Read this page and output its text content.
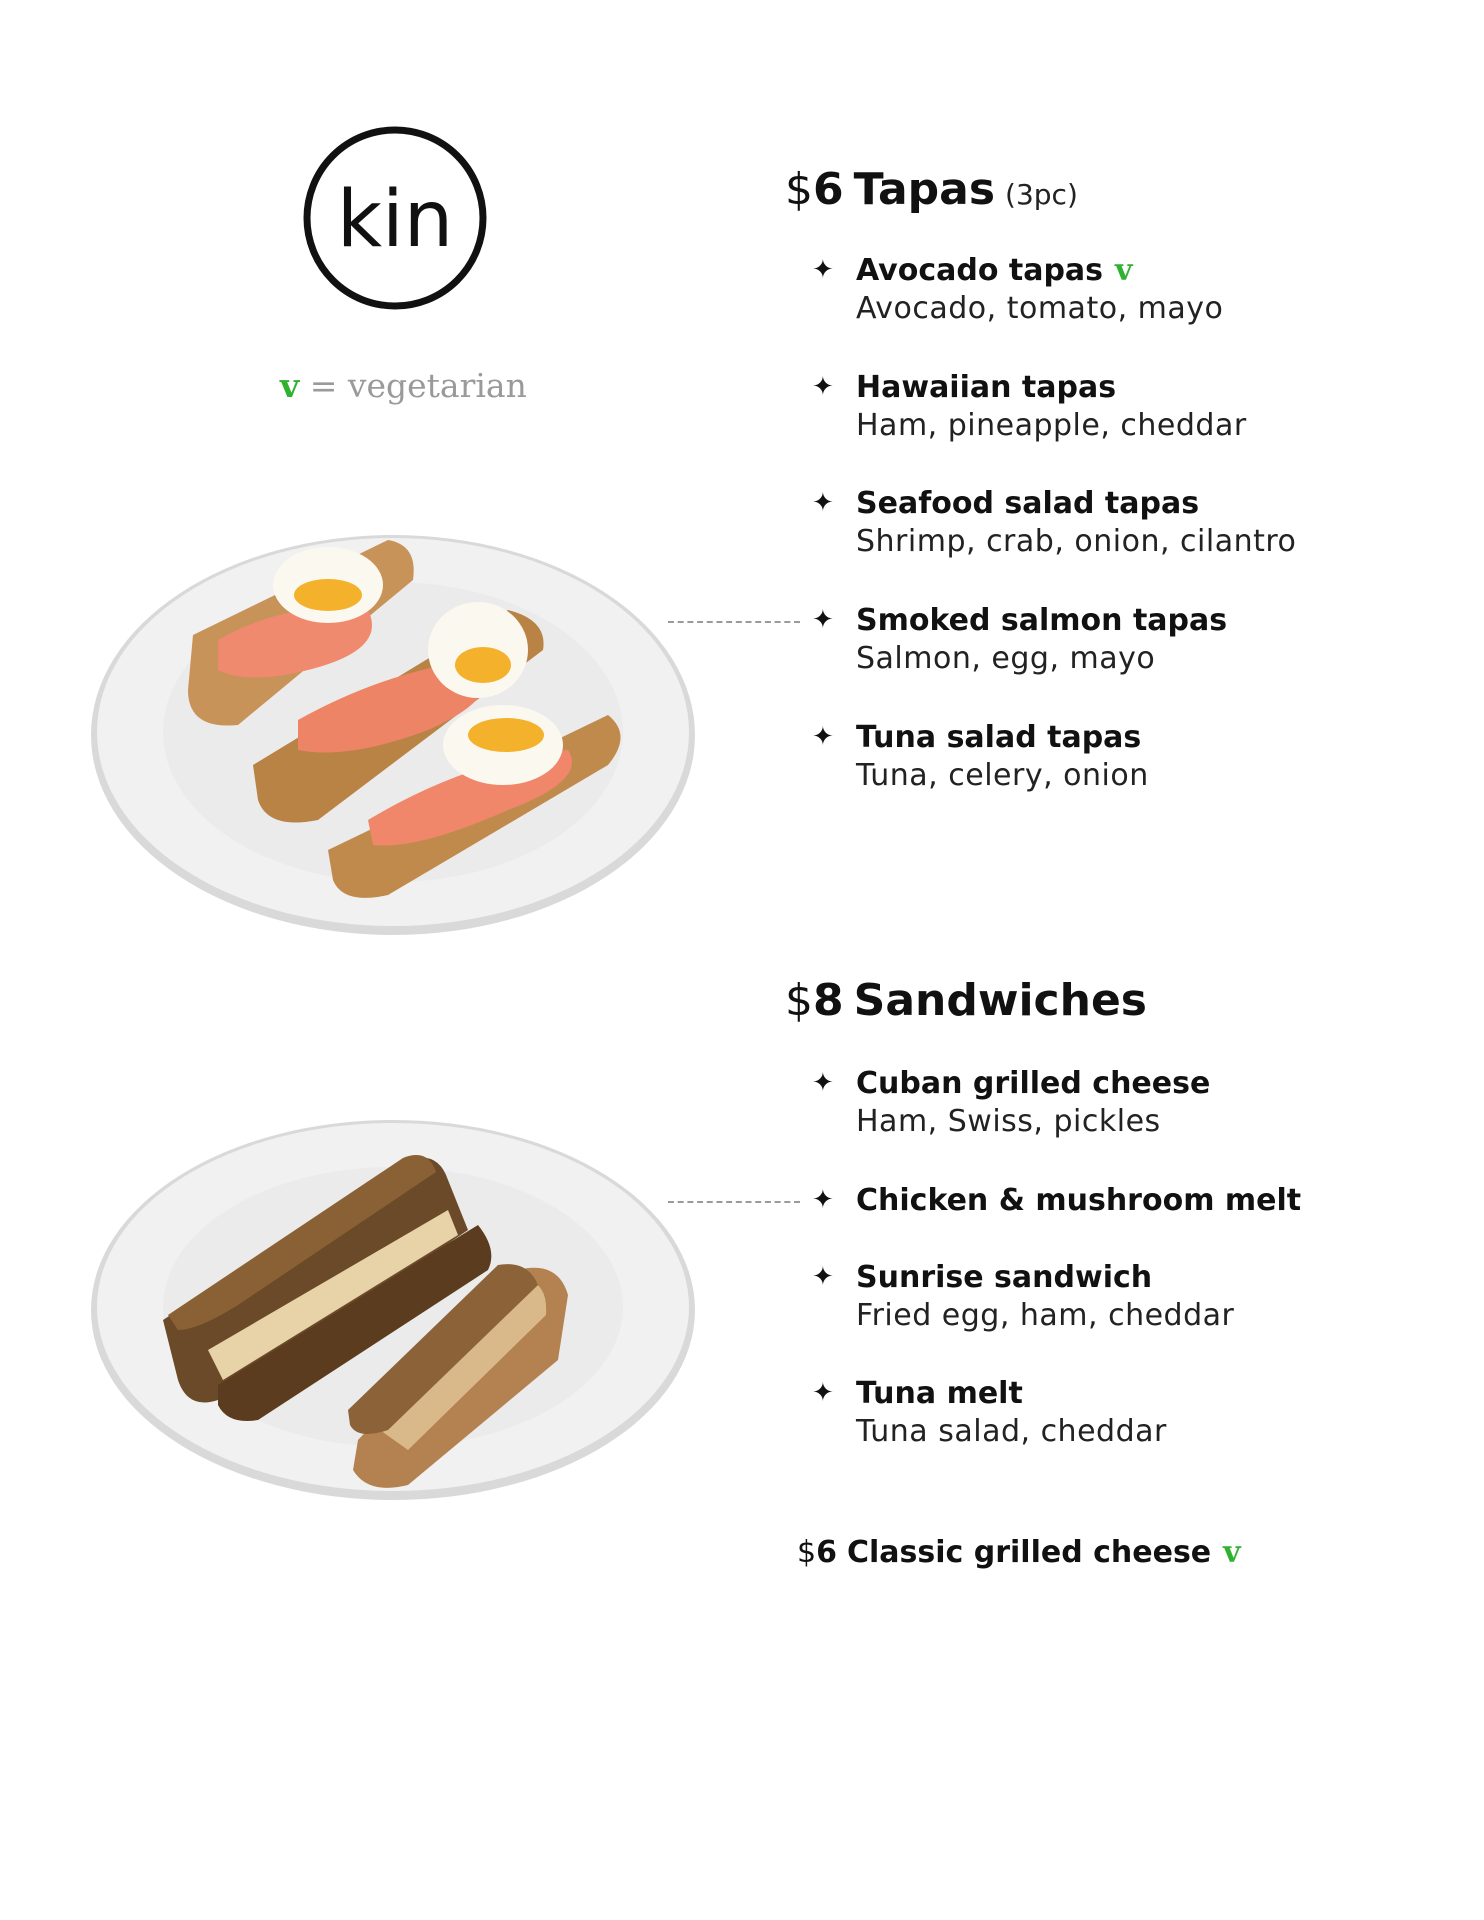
kin
v = vegetarian
$6 Tapas (3pc)
✦ Avocado tapas v
Avocado, tomato, mayo
✦ Hawaiian tapas
Ham, pineapple, cheddar
✦ Seafood salad tapas
Shrimp, crab, onion, cilantro
✦ Smoked salmon tapas
Salmon, egg, mayo
✦ Tuna salad tapas
Tuna, celery, onion
$8 Sandwiches
✦ Cuban grilled cheese
Ham, Swiss, pickles
✦ Chicken & mushroom melt
✦ Sunrise sandwich
Fried egg, ham, cheddar
✦ Tuna melt
Tuna salad, cheddar
$6 Classic grilled cheese v
